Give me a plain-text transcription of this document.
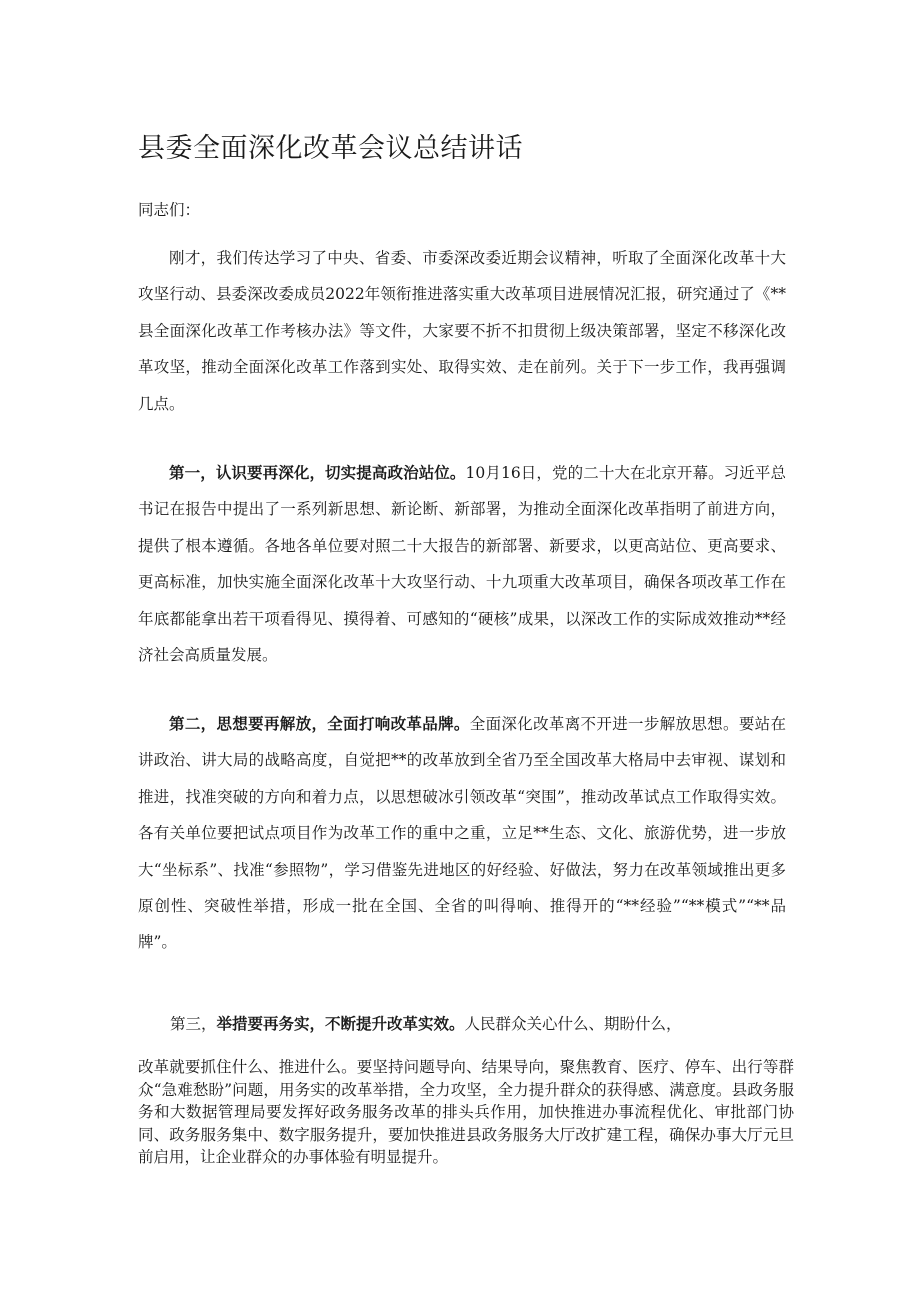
县委全面深化改革会议总结讲话

同志们：

刚才，我们传达学习了中央、省委、市委深改委近期会议精神，听取了全面深化改革十大攻坚行动、县委深改委成员2022年领衔推进落实重大改革项目进展情况汇报，研究通过了《**县全面深化改革工作考核办法》等文件，大家要不折不扣贯彻上级决策部署，坚定不移深化改革攻坚，推动全面深化改革工作落到实处、取得实效、走在前列。关于下一步工作，我再强调几点。

第一，认识要再深化，切实提高政治站位。10月16日，党的二十大在北京开幕。习近平总书记在报告中提出了一系列新思想、新论断、新部署，为推动全面深化改革指明了前进方向，提供了根本遵循。各地各单位要对照二十大报告的新部署、新要求，以更高站位、更高要求、更高标准，加快实施全面深化改革十大攻坚行动、十九项重大改革项目，确保各项改革工作在年底都能拿出若干项看得见、摸得着、可感知的“硬核”成果，以深改工作的实际成效推动**经济社会高质量发展。

第二，思想要再解放，全面打响改革品牌。全面深化改革离不开进一步解放思想。要站在讲政治、讲大局的战略高度，自觉把**的改革放到全省乃至全国改革大格局中去审视、谋划和推进，找准突破的方向和着力点，以思想破冰引领改革“突围”，推动改革试点工作取得实效。各有关单位要把试点项目作为改革工作的重中之重，立足**生态、文化、旅游优势，进一步放大“坐标系”、找准“参照物”，学习借鉴先进地区的好经验、好做法，努力在改革领域推出更多原创性、突破性举措，形成一批在全国、全省的叫得响、推得开的“**经验”“**模式”“**品牌”。

第三，举措要再务实，不断提升改革实效。人民群众关心什么、期盼什么，

改革就要抓住什么、推进什么。要坚持问题导向、结果导向，聚焦教育、医疗、停车、出行等群众“急难愁盼”问题，用务实的改革举措，全力攻坚，全力提升群众的获得感、满意度。县政务服务和大数据管理局要发挥好政务服务改革的排头兵作用，加快推进办事流程优化、审批部门协同、政务服务集中、数字服务提升，要加快推进县政务服务大厅改扩建工程，确保办事大厅元旦前启用，让企业群众的办事体验有明显提升。
